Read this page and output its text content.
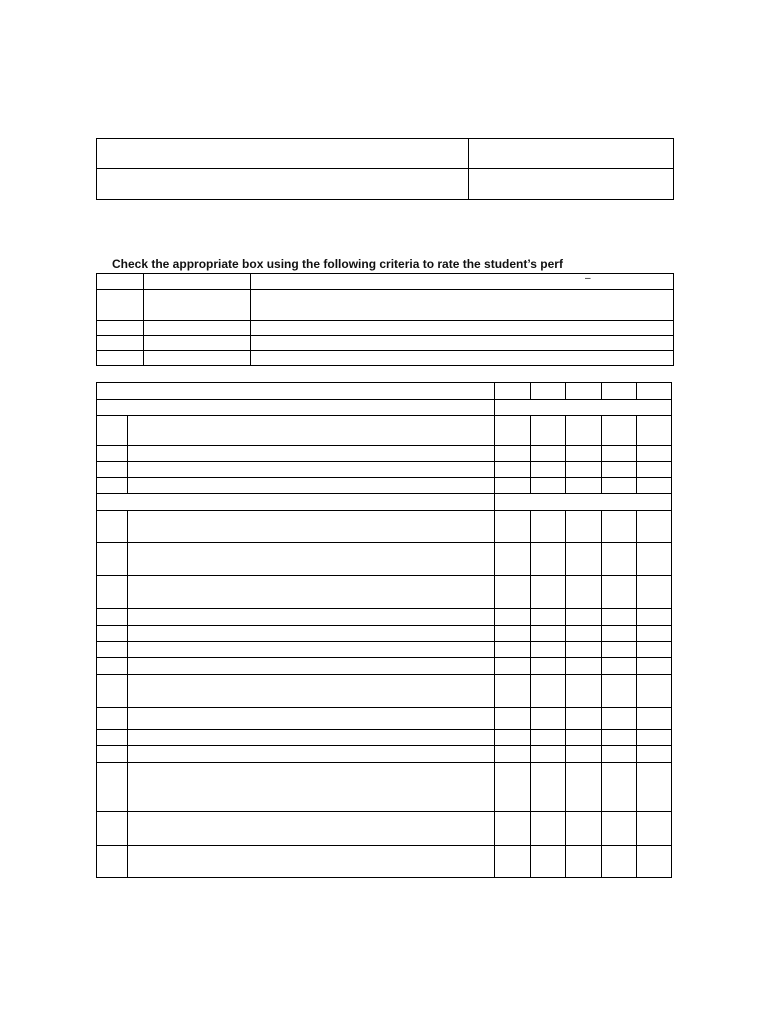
Check the appropriate box using the following criteria to rate the student’s perf

–
